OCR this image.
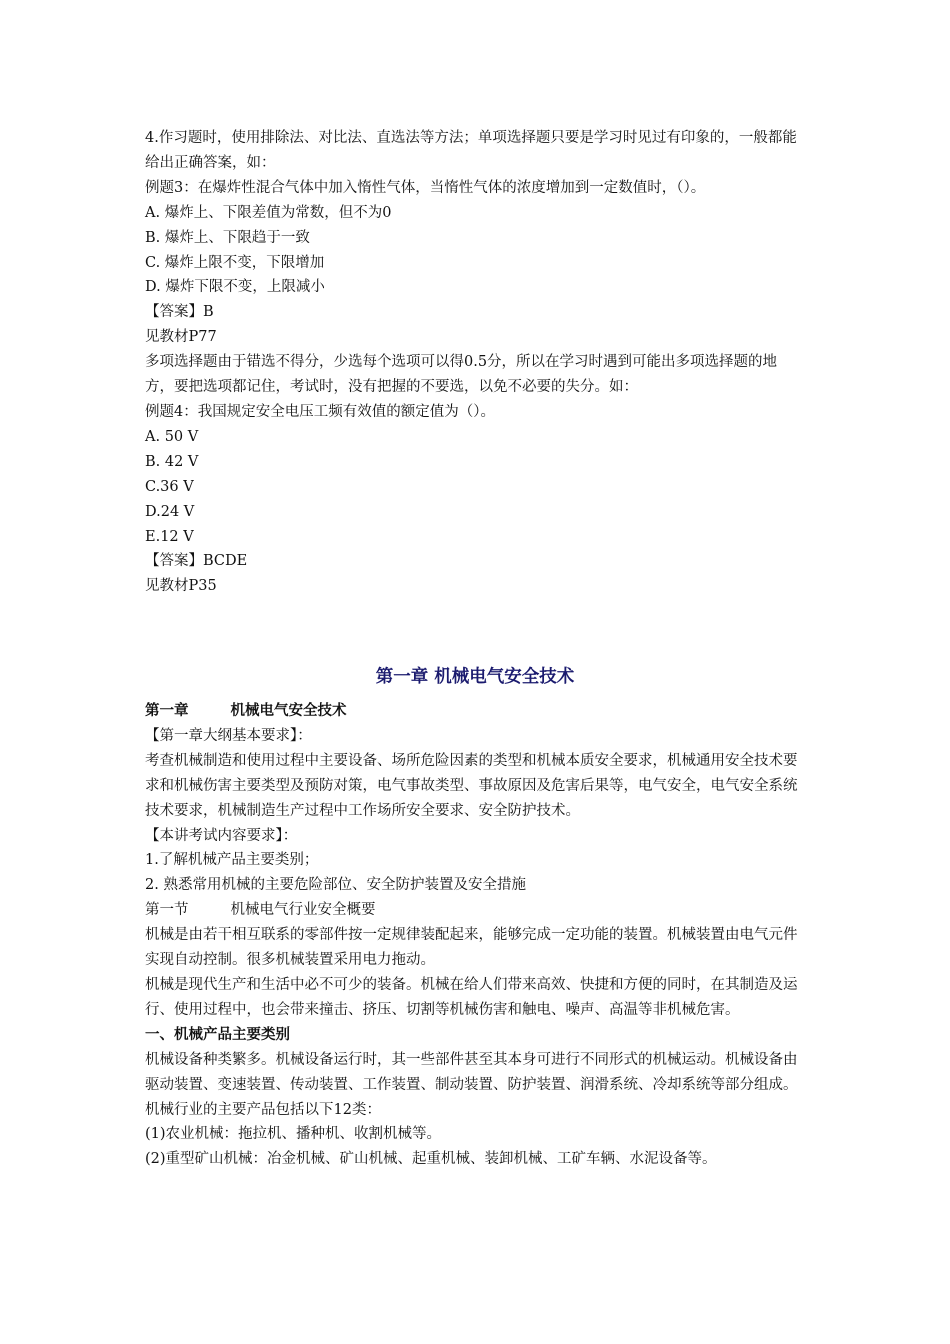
4.作习题时，使用排除法、对比法、直选法等方法；单项选择题只要是学习时见过有印象的，一般都能给出正确答案，如：

例题3：在爆炸性混合气体中加入惰性气体，当惰性气体的浓度增加到一定数值时，（）。

A. 爆炸上、下限差值为常数，但不为0

B. 爆炸上、下限趋于一致

C. 爆炸上限不变，下限增加

D. 爆炸下限不变，上限减小

【答案】B

见教材P77

多项选择题由于错选不得分，少选每个选项可以得0.5分，所以在学习时遇到可能出多项选择题的地方，要把选项都记住，考试时，没有把握的不要选，以免不必要的失分。如：

例题4：我国规定安全电压工频有效值的额定值为（）。

A. 50 V

B. 42 V

C.36 V

D.24 V

E.12 V

【答案】BCDE

见教材P35

第一章 机械电气安全技术

第一章	机械电气安全技术

【第一章大纲基本要求】：

考查机械制造和使用过程中主要设备、场所危险因素的类型和机械本质安全要求，机械通用安全技术要求和机械伤害主要类型及预防对策，电气事故类型、事故原因及危害后果等，电气安全，电气安全系统技术要求，机械制造生产过程中工作场所安全要求、安全防护技术。

【本讲考试内容要求】：

1.了解机械产品主要类别；

2. 熟悉常用机械的主要危险部位、安全防护装置及安全措施

第一节	机械电气行业安全概要

机械是由若干相互联系的零部件按一定规律装配起来，能够完成一定功能的装置。机械装置由电气元件实现自动控制。很多机械装置采用电力拖动。

机械是现代生产和生活中必不可少的装备。机械在给人们带来高效、快捷和方便的同时，在其制造及运行、使用过程中，也会带来撞击、挤压、切割等机械伤害和触电、噪声、高温等非机械危害。

一、机械产品主要类别

机械设备种类繁多。机械设备运行时，其一些部件甚至其本身可进行不同形式的机械运动。机械设备由驱动装置、变速装置、传动装置、工作装置、制动装置、防护装置、润滑系统、冷却系统等部分组成。

机械行业的主要产品包括以下12类：

(1)农业机械：拖拉机、播种机、收割机械等。

(2)重型矿山机械：冶金机械、矿山机械、起重机械、装卸机械、工矿车辆、水泥设备等。
